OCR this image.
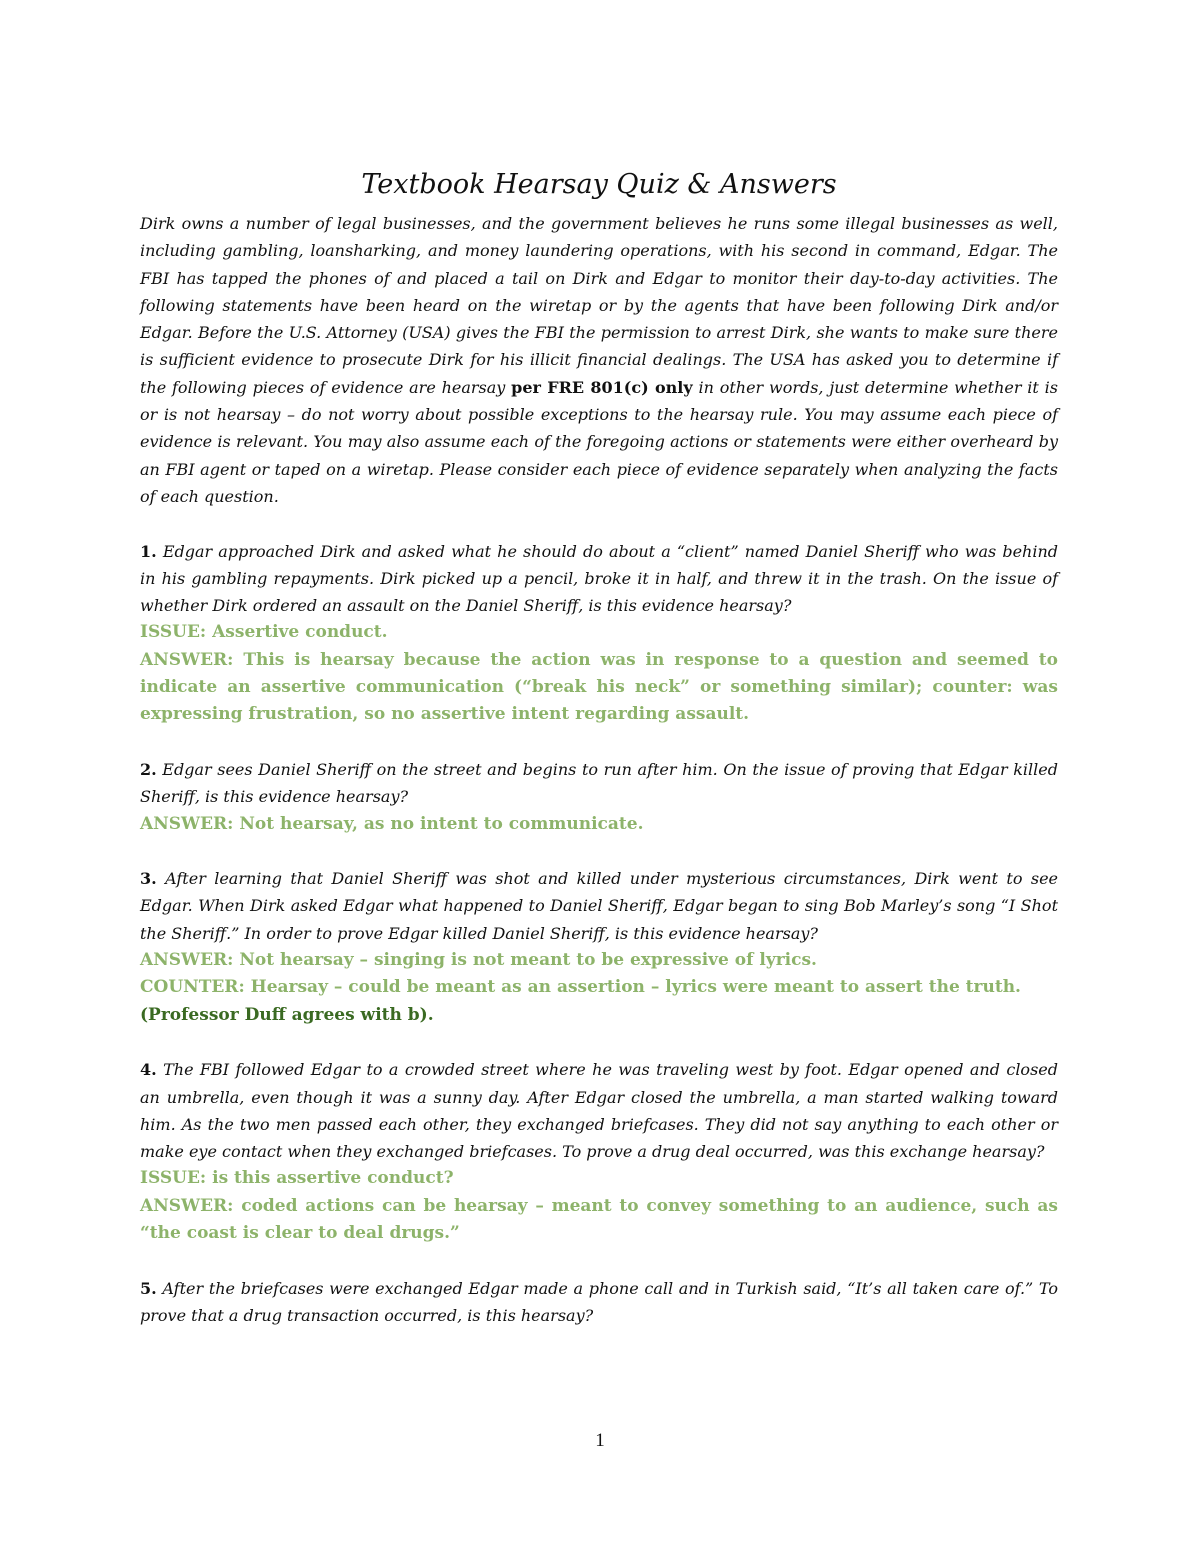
Textbook Hearsay Quiz & Answers

Dirk owns a number of legal businesses, and the government believes he runs some illegal businesses as well, including gambling, loansharking, and money laundering operations, with his second in command, Edgar. The FBI has tapped the phones of and placed a tail on Dirk and Edgar to monitor their day-to-day activities. The following statements have been heard on the wiretap or by the agents that have been following Dirk and/or Edgar. Before the U.S. Attorney (USA) gives the FBI the permission to arrest Dirk, she wants to make sure there is sufficient evidence to prosecute Dirk for his illicit financial dealings. The USA has asked you to determine if the following pieces of evidence are hearsay per FRE 801(c) only in other words, just determine whether it is or is not hearsay – do not worry about possible exceptions to the hearsay rule. You may assume each piece of evidence is relevant. You may also assume each of the foregoing actions or statements were either overheard by an FBI agent or taped on a wiretap. Please consider each piece of evidence separately when analyzing the facts of each question.

1. Edgar approached Dirk and asked what he should do about a “client” named Daniel Sheriff who was behind in his gambling repayments. Dirk picked up a pencil, broke it in half, and threw it in the trash. On the issue of whether Dirk ordered an assault on the Daniel Sheriff, is this evidence hearsay?

ISSUE: Assertive conduct.

ANSWER: This is hearsay because the action was in response to a question and seemed to indicate an assertive communication (“break his neck” or something similar); counter: was expressing frustration, so no assertive intent regarding assault.

2. Edgar sees Daniel Sheriff on the street and begins to run after him. On the issue of proving that Edgar killed Sheriff, is this evidence hearsay?

ANSWER: Not hearsay, as no intent to communicate.

3. After learning that Daniel Sheriff was shot and killed under mysterious circumstances, Dirk went to see Edgar. When Dirk asked Edgar what happened to Daniel Sheriff, Edgar began to sing Bob Marley’s song “I Shot the Sheriff.” In order to prove Edgar killed Daniel Sheriff, is this evidence hearsay?

ANSWER: Not hearsay – singing is not meant to be expressive of lyrics.

COUNTER: Hearsay – could be meant as an assertion – lyrics were meant to assert the truth.

(Professor Duff agrees with b).

4. The FBI followed Edgar to a crowded street where he was traveling west by foot. Edgar opened and closed an umbrella, even though it was a sunny day. After Edgar closed the umbrella, a man started walking toward him. As the two men passed each other, they exchanged briefcases. They did not say anything to each other or make eye contact when they exchanged briefcases. To prove a drug deal occurred, was this exchange hearsay?

ISSUE: is this assertive conduct?

ANSWER: coded actions can be hearsay – meant to convey something to an audience, such as “the coast is clear to deal drugs.”

5. After the briefcases were exchanged Edgar made a phone call and in Turkish said, “It’s all taken care of.” To prove that a drug transaction occurred, is this hearsay?

1
